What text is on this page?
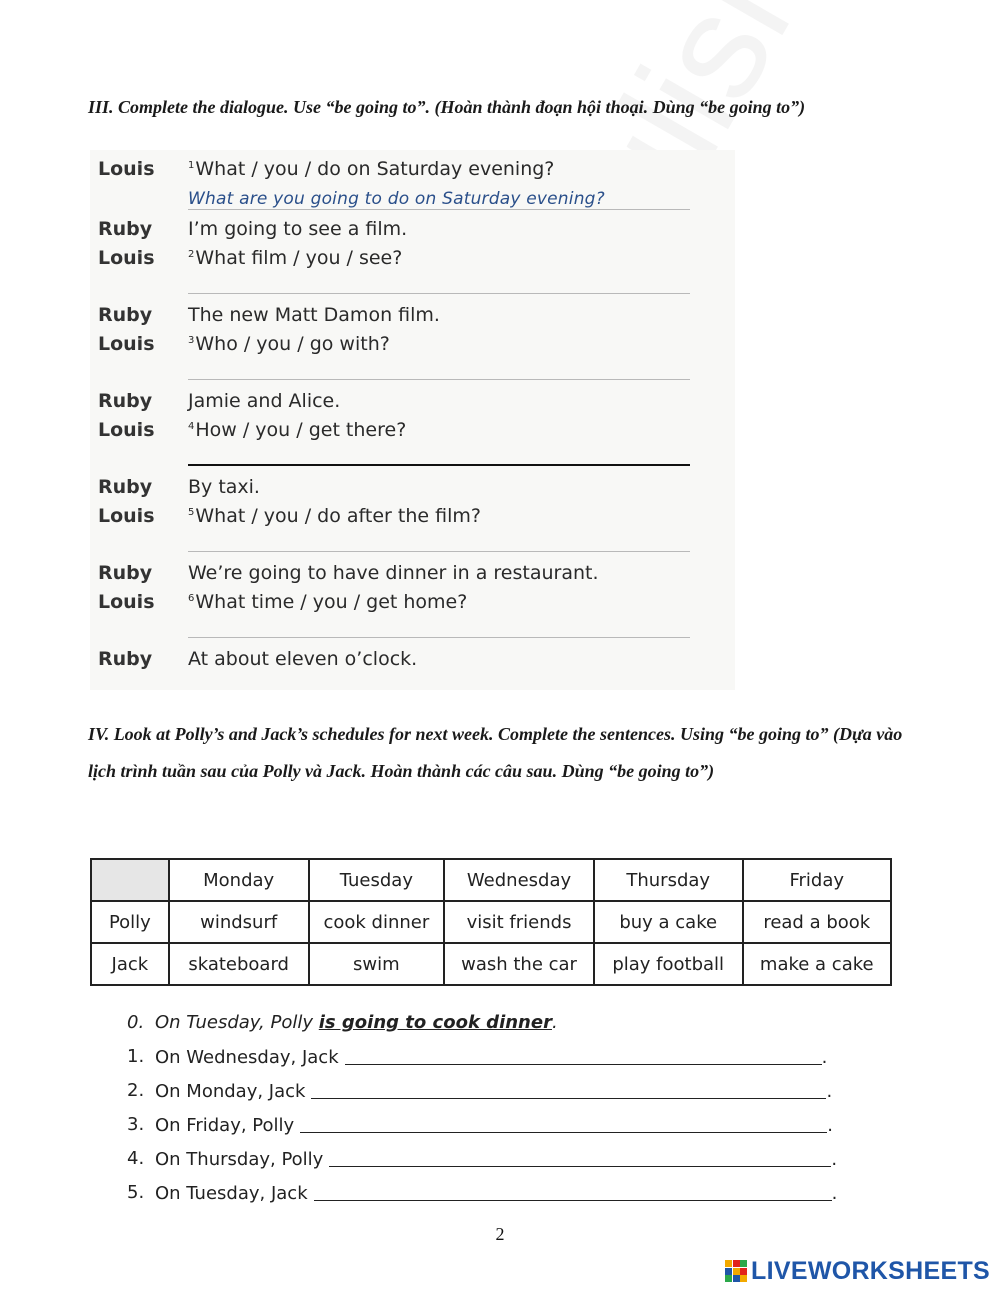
III. Complete the dialogue. Use “be going to”. (Hoàn thành đoạn hội thoại. Dùng “be going to”)
Louis	$^1$What / you / do on Saturday evening?
What are you going to do on Saturday evening?
Ruby I’m going to see a film.
Louis	$^2$What film / you / see?
Ruby The new Matt Damon film.
Louis	$^3$Who / you / go with?
Ruby Jamie and Alice.
Louis	$^4$How / you / get there?
Ruby By taxi.
Louis	$^5$What / you / do after the film?
Ruby We’re going to have dinner in a restaurant.
Louis	$^6$What time / you / get home?
Ruby At about eleven o’clock.
IV. Look at Polly’s and Jack’s schedules for next week. Complete the sentences. Using “be going to” (Dựa vào lịch trình tuần sau của Polly và Jack. Hoàn thành các câu sau. Dùng “be going to”)
	Monday	Tuesday	Wednesday	Thursday	Friday
Polly	windsurf	cook dinner	visit friends	buy a cake	read a book
Jack	skateboard	swim	wash the car	play football	make a cake
0. On Tuesday, Polly is going to cook dinner.
1. On Wednesday, Jack	.
2. On Monday, Jack	.
3. On Friday, Polly	.
4. On Thursday, Polly	.
5. On Tuesday, Jack	.
2
LIVEWORKSHEETS
